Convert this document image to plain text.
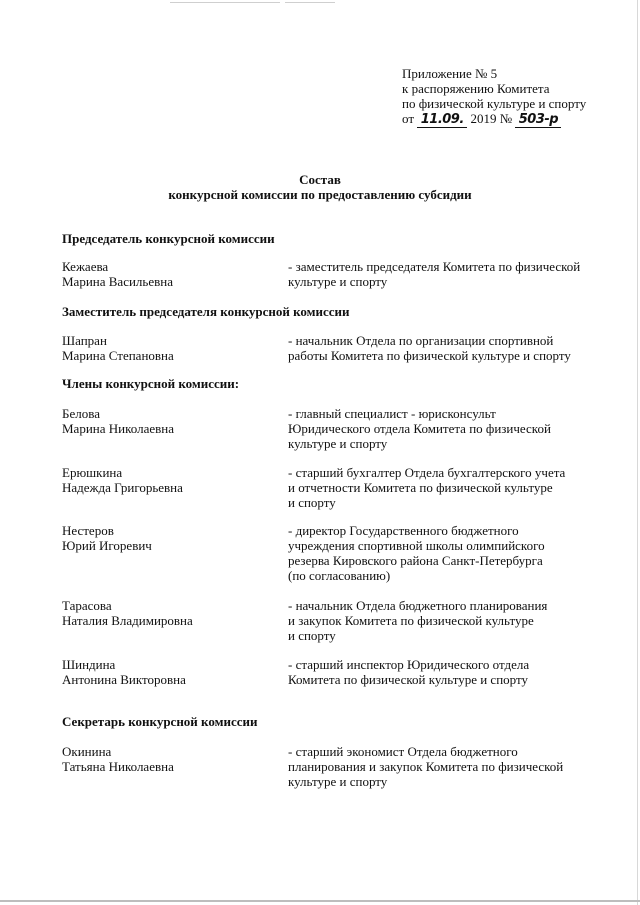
Приложение № 5
к распоряжению Комитета
по физической культуре и спорту
от 11.09. 2019 № 503-р
Состав
конкурсной комиссии по предоставлению субсидии
Председатель конкурсной комиссии
Кежаева
Марина Васильевна
- заместитель председателя Комитета по физической
культуре и спорту
Заместитель председателя конкурсной комиссии
Шапран
Марина Степановна
- начальник Отдела по организации спортивной
работы Комитета по физической культуре и спорту
Члены конкурсной комиссии:
Белова
Марина Николаевна
- главный специалист - юрисконсульт
Юридического отдела Комитета по физической
культуре и спорту
Ерюшкина
Надежда Григорьевна
- старший бухгалтер Отдела бухгалтерского учета
и отчетности Комитета по физической культуре
и спорту
Нестеров
Юрий Игоревич
- директор Государственного бюджетного
учреждения спортивной школы олимпийского
резерва Кировского района Санкт-Петербурга
(по согласованию)
Тарасова
Наталия Владимировна
- начальник Отдела бюджетного планирования
и закупок Комитета по физической культуре
и спорту
Шиндина
Антонина Викторовна
- старший инспектор Юридического отдела
Комитета по физической культуре и спорту
Секретарь конкурсной комиссии
Окинина
Татьяна Николаевна
- старший экономист Отдела бюджетного
планирования и закупок Комитета по физической
культуре и спорту
